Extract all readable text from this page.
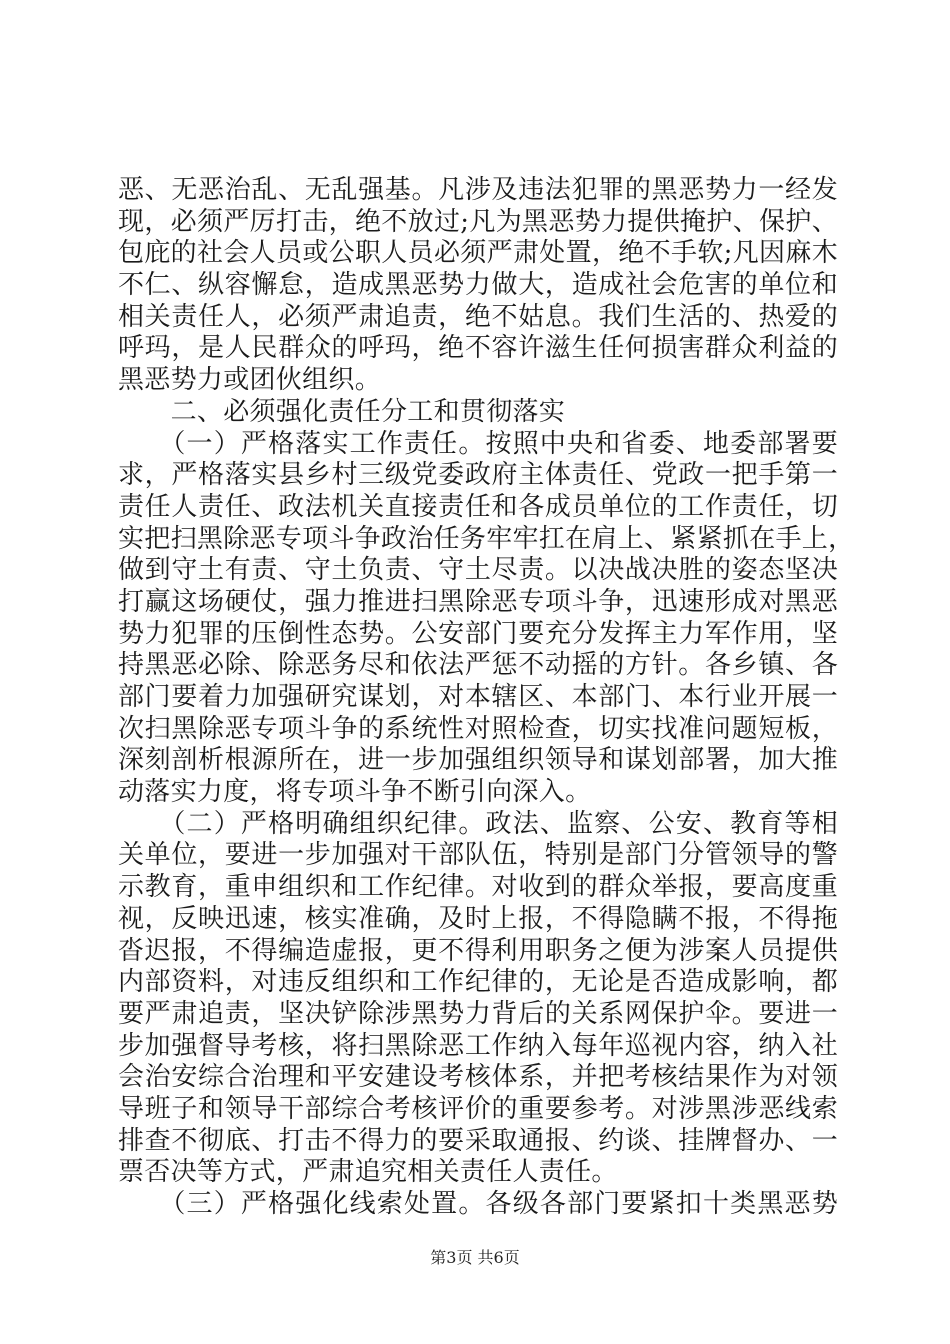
恶、无恶治乱、无乱强基。凡涉及违法犯罪的黑恶势力一经发
现，必须严厉打击，绝不放过;凡为黑恶势力提供掩护、保护、
包庇的社会人员或公职人员必须严肃处置，绝不手软;凡因麻木
不仁、纵容懈怠，造成黑恶势力做大，造成社会危害的单位和
相关责任人，必须严肃追责，绝不姑息。我们生活的、热爱的
呼玛，是人民群众的呼玛，绝不容许滋生任何损害群众利益的
黑恶势力或团伙组织。
　　二、必须强化责任分工和贯彻落实
　　（一）严格落实工作责任。按照中央和省委、地委部署要
求，严格落实县乡村三级党委政府主体责任、党政一把手第一
责任人责任、政法机关直接责任和各成员单位的工作责任，切
实把扫黑除恶专项斗争政治任务牢牢扛在肩上、紧紧抓在手上，
做到守土有责、守土负责、守土尽责。以决战决胜的姿态坚决
打赢这场硬仗，强力推进扫黑除恶专项斗争，迅速形成对黑恶
势力犯罪的压倒性态势。公安部门要充分发挥主力军作用，坚
持黑恶必除、除恶务尽和依法严惩不动摇的方针。各乡镇、各
部门要着力加强研究谋划，对本辖区、本部门、本行业开展一
次扫黑除恶专项斗争的系统性对照检查，切实找准问题短板，
深刻剖析根源所在，进一步加强组织领导和谋划部署，加大推
动落实力度，将专项斗争不断引向深入。
　　（二）严格明确组织纪律。政法、监察、公安、教育等相
关单位，要进一步加强对干部队伍，特别是部门分管领导的警
示教育，重申组织和工作纪律。对收到的群众举报，要高度重
视，反映迅速，核实准确，及时上报，不得隐瞒不报，不得拖
沓迟报，不得编造虚报，更不得利用职务之便为涉案人员提供
内部资料，对违反组织和工作纪律的，无论是否造成影响，都
要严肃追责，坚决铲除涉黑势力背后的关系网保护伞。要进一
步加强督导考核，将扫黑除恶工作纳入每年巡视内容，纳入社
会治安综合治理和平安建设考核体系，并把考核结果作为对领
导班子和领导干部综合考核评价的重要参考。对涉黑涉恶线索
排查不彻底、打击不得力的要采取通报、约谈、挂牌督办、一
票否决等方式，严肃追究相关责任人责任。
　　（三）严格强化线索处置。各级各部门要紧扣十类黑恶势
第3页 共6页
